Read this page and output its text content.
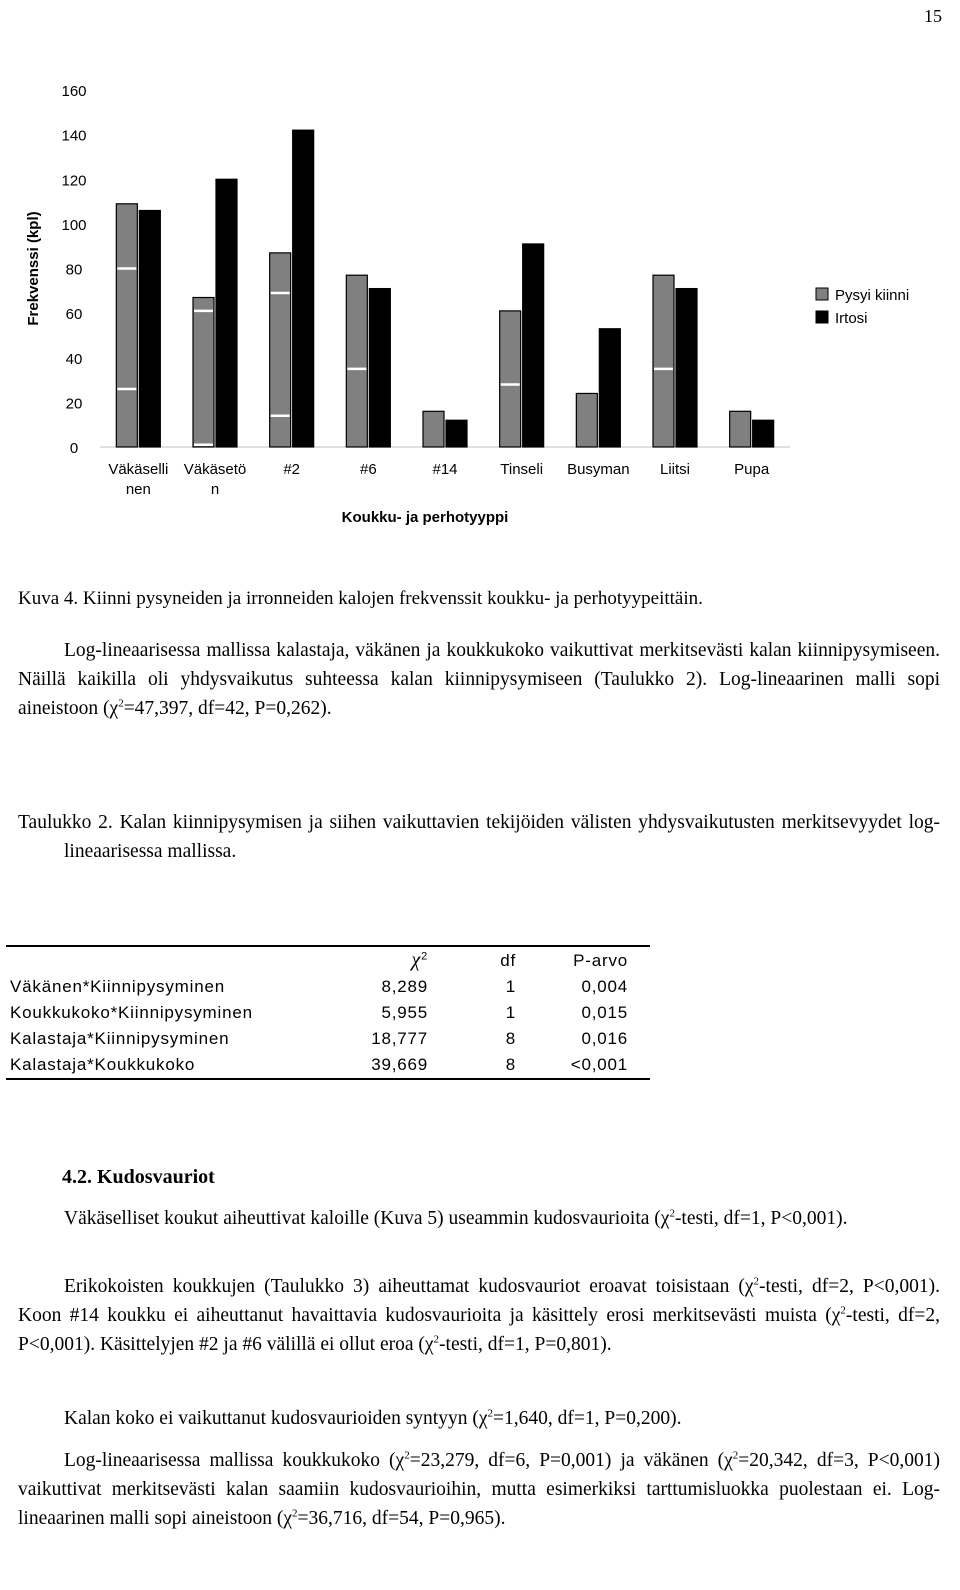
15
0
20
40
60
80
100
120
140
160
Frekvenssi (kpl)
Väkäselli
nen
Väkäsetö
n
#2	#6	#14	Tinseli Busyman Liitsi	Pupa
Koukku- ja perhotyyppi
Pysyi kiinni
Irtosi
Kuva 4. Kiinni pysyneiden ja irronneiden kalojen frekvenssit koukku- ja perhotyypeittäin.
Log-lineaarisessa mallissa kalastaja, väkänen ja koukkukoko vaikuttivat merkitsevästi kalan kiinnipysymiseen. Näillä kaikilla oli yhdysvaikutus suhteessa kalan kiinnipysymiseen (Taulukko 2). Log-lineaarinen malli sopi aineistoon ($\chi^2=47,397$, df=42, P=0,262).
Taulukko 2. Kalan kiinnipysymisen ja siihen vaikuttavien tekijöiden välisten yhdysvaikutusten merkitsevyydet log-lineaarisessa mallissa.
	$\chi^2$	df	P-arvo
Väkänen*Kiinnipysyminen	8,289	1	0,004
Koukkukoko*Kiinnipysyminen	5,955	1	0,015
Kalastaja*Kiinnipysyminen	18,777	8	0,016
Kalastaja*Koukkukoko	39,669	8	<0,001
4.2. Kudosvauriot
Väkäselliset koukut aiheuttivat kaloille (Kuva 5) useammin kudosvaurioita ($\chi^2$-testi, df=1, P<0,001).
Erikokoisten koukkujen (Taulukko 3) aiheuttamat kudosvauriot eroavat toisistaan ($\chi^2$-testi, df=2, P<0,001). Koon #14 koukku ei aiheuttanut havaittavia kudosvaurioita ja käsittely erosi merkitsevästi muista ($\chi^2$-testi, df=2, P<0,001). Käsittelyjen #2 ja #6 välillä ei ollut eroa ($\chi^2$-testi, df=1, P=0,801).
Kalan koko ei vaikuttanut kudosvaurioiden syntyyn ($\chi^2=1,640$, df=1, P=0,200).
Log-lineaarisessa mallissa koukkukoko ($\chi^2=23,279$, df=6, P=0,001) ja väkänen ($\chi^2=20,342$, df=3, P<0,001) vaikuttivat merkitsevästi kalan saamiin kudosvaurioihin, mutta esimerkiksi tarttumisluokka puolestaan ei. Log-lineaarinen malli sopi aineistoon ($\chi^2=36,716$, df=54, P=0,965).
